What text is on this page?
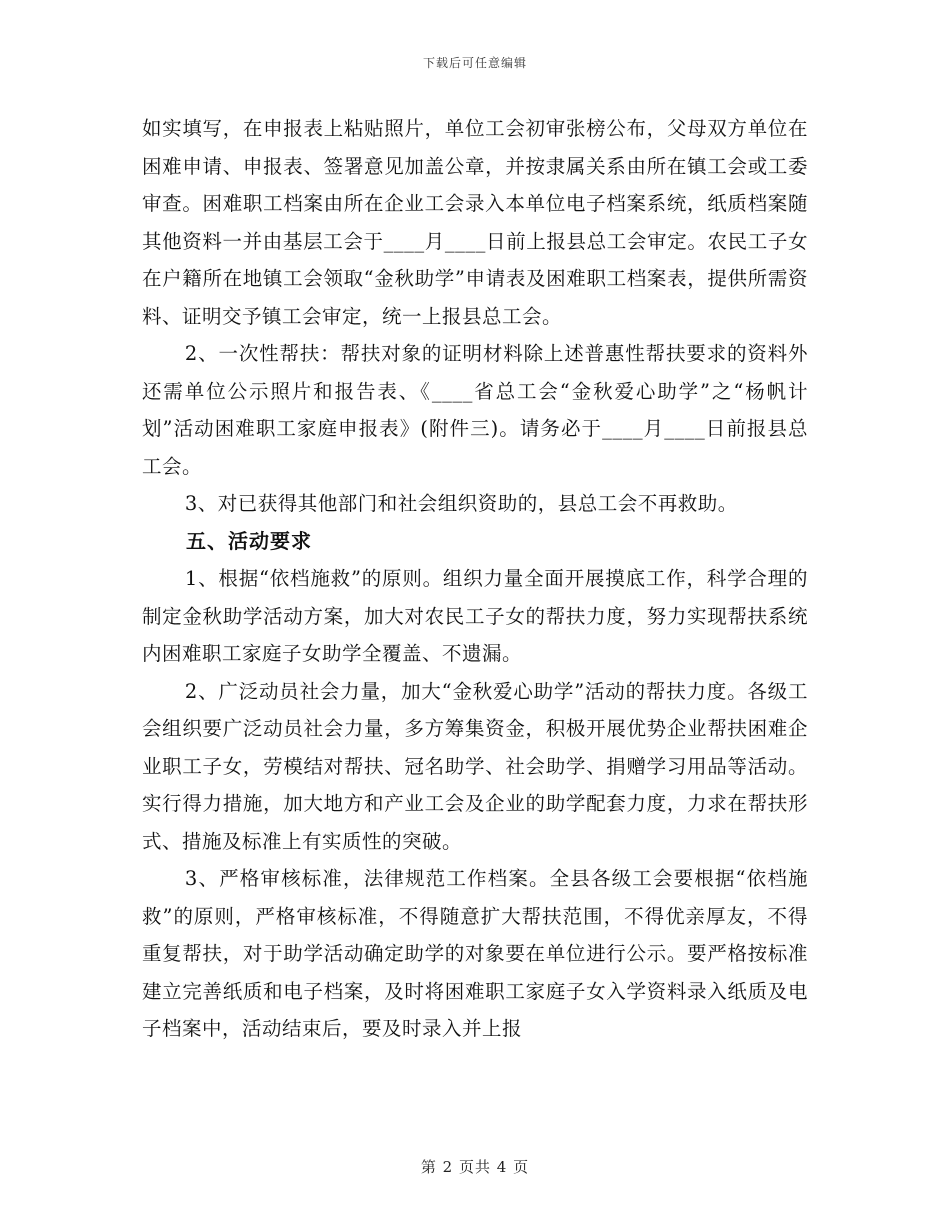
下载后可任意编辑

如实填写，在申报表上粘贴照片，单位工会初审张榜公布，父母双方单位在困难申请、申报表、签署意见加盖公章，并按隶属关系由所在镇工会或工委审查。困难职工档案由所在企业工会录入本单位电子档案系统，纸质档案随其他资料一并由基层工会于____月____日前上报县总工会审定。农民工子女在户籍所在地镇工会领取“金秋助学”申请表及困难职工档案表，提供所需资料、证明交予镇工会审定，统一上报县总工会。

2、一次性帮扶：帮扶对象的证明材料除上述普惠性帮扶要求的资料外还需单位公示照片和报告表、《____省总工会“金秋爱心助学”之“杨帆计划”活动困难职工家庭申报表》(附件三)。请务必于____月____日前报县总工会。

3、对已获得其他部门和社会组织资助的，县总工会不再救助。

五、活动要求

1、根据“依档施救”的原则。组织力量全面开展摸底工作，科学合理的制定金秋助学活动方案，加大对农民工子女的帮扶力度，努力实现帮扶系统内困难职工家庭子女助学全覆盖、不遗漏。

2、广泛动员社会力量，加大“金秋爱心助学”活动的帮扶力度。各级工会组织要广泛动员社会力量，多方筹集资金，积极开展优势企业帮扶困难企业职工子女，劳模结对帮扶、冠名助学、社会助学、捐赠学习用品等活动。实行得力措施，加大地方和产业工会及企业的助学配套力度，力求在帮扶形式、措施及标准上有实质性的突破。

3、严格审核标准，法律规范工作档案。全县各级工会要根据“依档施救”的原则，严格审核标准，不得随意扩大帮扶范围，不得优亲厚友，不得重复帮扶，对于助学活动确定助学的对象要在单位进行公示。要严格按标准建立完善纸质和电子档案，及时将困难职工家庭子女入学资料录入纸质及电子档案中，活动结束后，要及时录入并上报

第 2 页共 4 页
